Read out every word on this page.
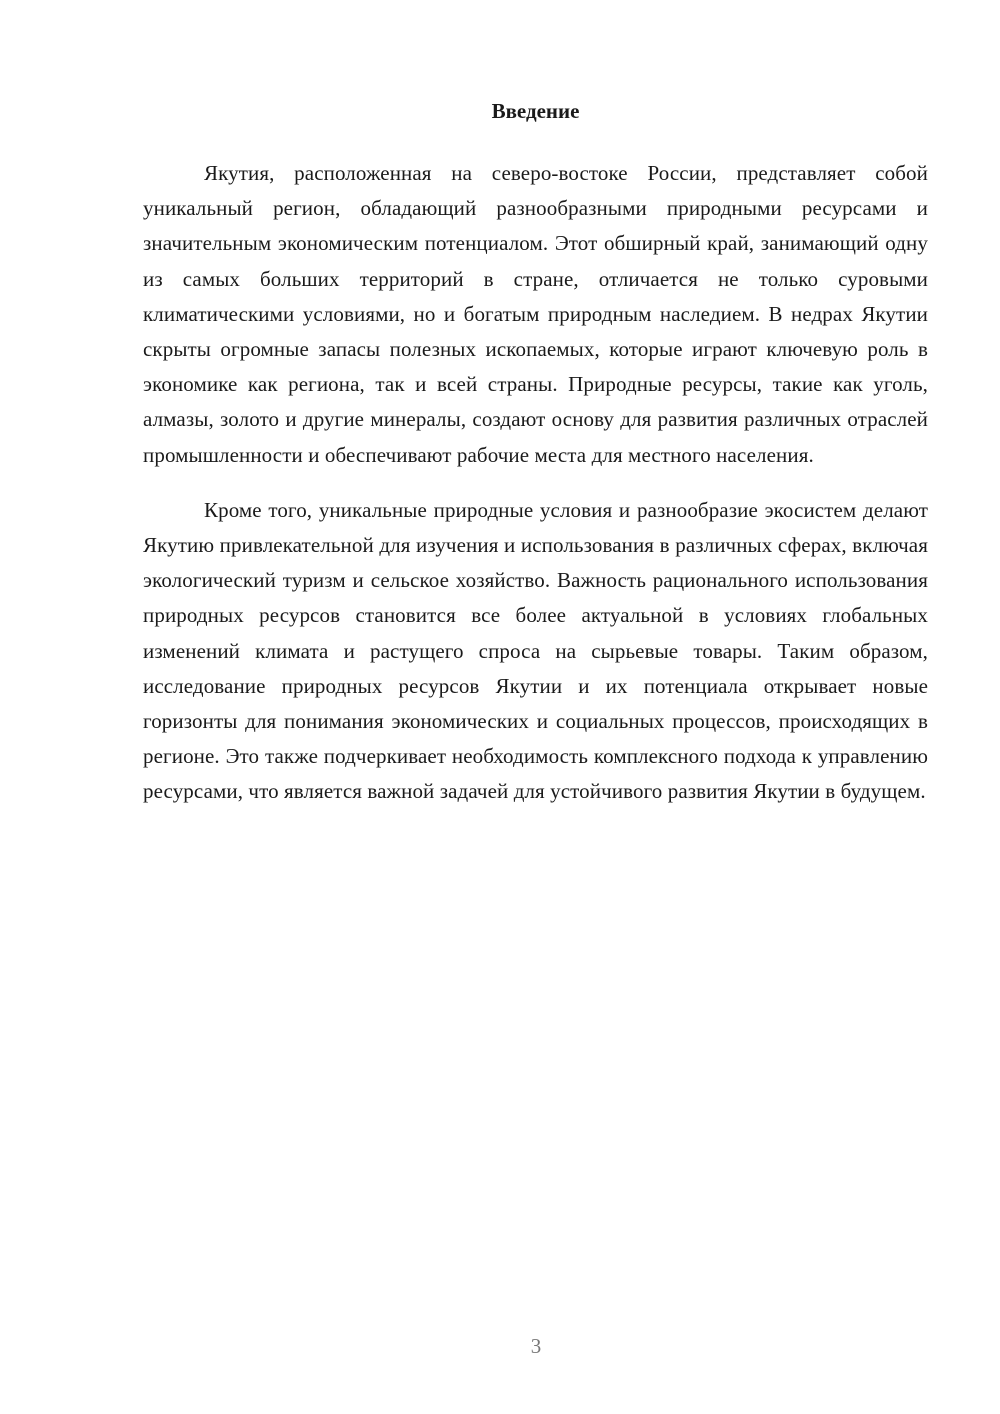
Введение

Якутия, расположенная на северо-востоке России, представляет собой уникальный регион, обладающий разнообразными природными ресурсами и значительным экономическим потенциалом. Этот обширный край, занимающий одну из самых больших территорий в стране, отличается не только суровыми климатическими условиями, но и богатым природным наследием. В недрах Якутии скрыты огромные запасы полезных ископаемых, которые играют ключевую роль в экономике как региона, так и всей страны. Природные ресурсы, такие как уголь, алмазы, золото и другие минералы, создают основу для развития различных отраслей промышленности и обеспечивают рабочие места для местного населения.

Кроме того, уникальные природные условия и разнообразие экосистем делают Якутию привлекательной для изучения и использования в различных сферах, включая экологический туризм и сельское хозяйство. Важность рационального использования природных ресурсов становится все более актуальной в условиях глобальных изменений климата и растущего спроса на сырьевые товары. Таким образом, исследование природных ресурсов Якутии и их потенциала открывает новые горизонты для понимания экономических и социальных процессов, происходящих в регионе. Это также подчеркивает необходимость комплексного подхода к управлению ресурсами, что является важной задачей для устойчивого развития Якутии в будущем.

3
